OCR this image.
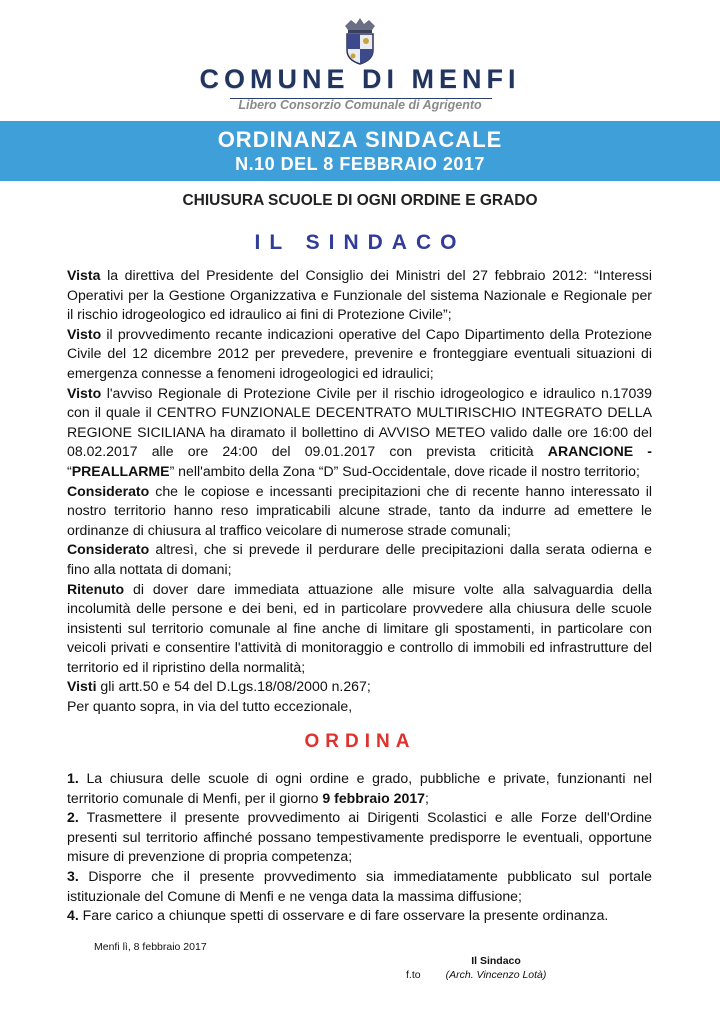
COMUNE DI MENFI
Libero Consorzio Comunale di Agrigento
ORDINANZA SINDACALE
N.10 DEL 8 FEBBRAIO 2017
CHIUSURA SCUOLE DI OGNI ORDINE E GRADO
IL SINDACO

Vista la direttiva del Presidente del Consiglio dei Ministri del 27 febbraio 2012: “Interessi Operativi per la Gestione Organizzativa e Funzionale del sistema Nazionale e Regionale per il rischio idrogeologico ed idraulico ai fini di Protezione Civile”;

Visto il provvedimento recante indicazioni operative del Capo Dipartimento della Protezione Civile del 12 dicembre 2012 per prevedere, prevenire e fronteggiare eventuali situazioni di emergenza connesse a fenomeni idrogeologici ed idraulici;

Visto l'avviso Regionale di Protezione Civile per il rischio idrogeologico e idraulico n.17039 con il quale il CENTRO FUNZIONALE DECENTRATO MULTIRISCHIO INTEGRATO DELLA REGIONE SICILIANA ha diramato il bollettino di AVVISO METEO valido dalle ore 16:00 del 08.02.2017 alle ore 24:00 del 09.01.2017 con prevista criticità ARANCIONE - “PREALLARME” nell'ambito della Zona “D” Sud-Occidentale, dove ricade il nostro territorio;

Considerato che le copiose e incessanti precipitazioni che di recente hanno interessato il nostro territorio hanno reso impraticabili alcune strade, tanto da indurre ad emettere le ordinanze di chiusura al traffico veicolare di numerose strade comunali;

Considerato altresì, che si prevede il perdurare delle precipitazioni dalla serata odierna e fino alla nottata di domani;

Ritenuto di dover dare immediata attuazione alle misure volte alla salvaguardia della incolumità delle persone e dei beni, ed in particolare provvedere alla chiusura delle scuole insistenti sul territorio comunale al fine anche di limitare gli spostamenti, in particolare con veicoli privati e consentire l'attività di monitoraggio e controllo di immobili ed infrastrutture del territorio ed il ripristino della normalità;

Visti gli artt.50 e 54 del D.Lgs.18/08/2000 n.267;

Per quanto sopra, in via del tutto eccezionale,

ORDINA

1. La chiusura delle scuole di ogni ordine e grado, pubbliche e private, funzionanti nel territorio comunale di Menfi, per il giorno 9 febbraio 2017;

2. Trasmettere il presente provvedimento ai Dirigenti Scolastici e alle Forze dell'Ordine presenti sul territorio affinché possano tempestivamente predisporre le eventuali, opportune misure di prevenzione di propria competenza;

3. Disporre che il presente provvedimento sia immediatamente pubblicato sul portale istituzionale del Comune di Menfi e ne venga data la massima diffusione;

4. Fare carico a chiunque spetti di osservare e di fare osservare la presente ordinanza.

Menfi lì, 8 febbraio 2017
f.to
Il Sindaco
(Arch. Vincenzo Lotà)
